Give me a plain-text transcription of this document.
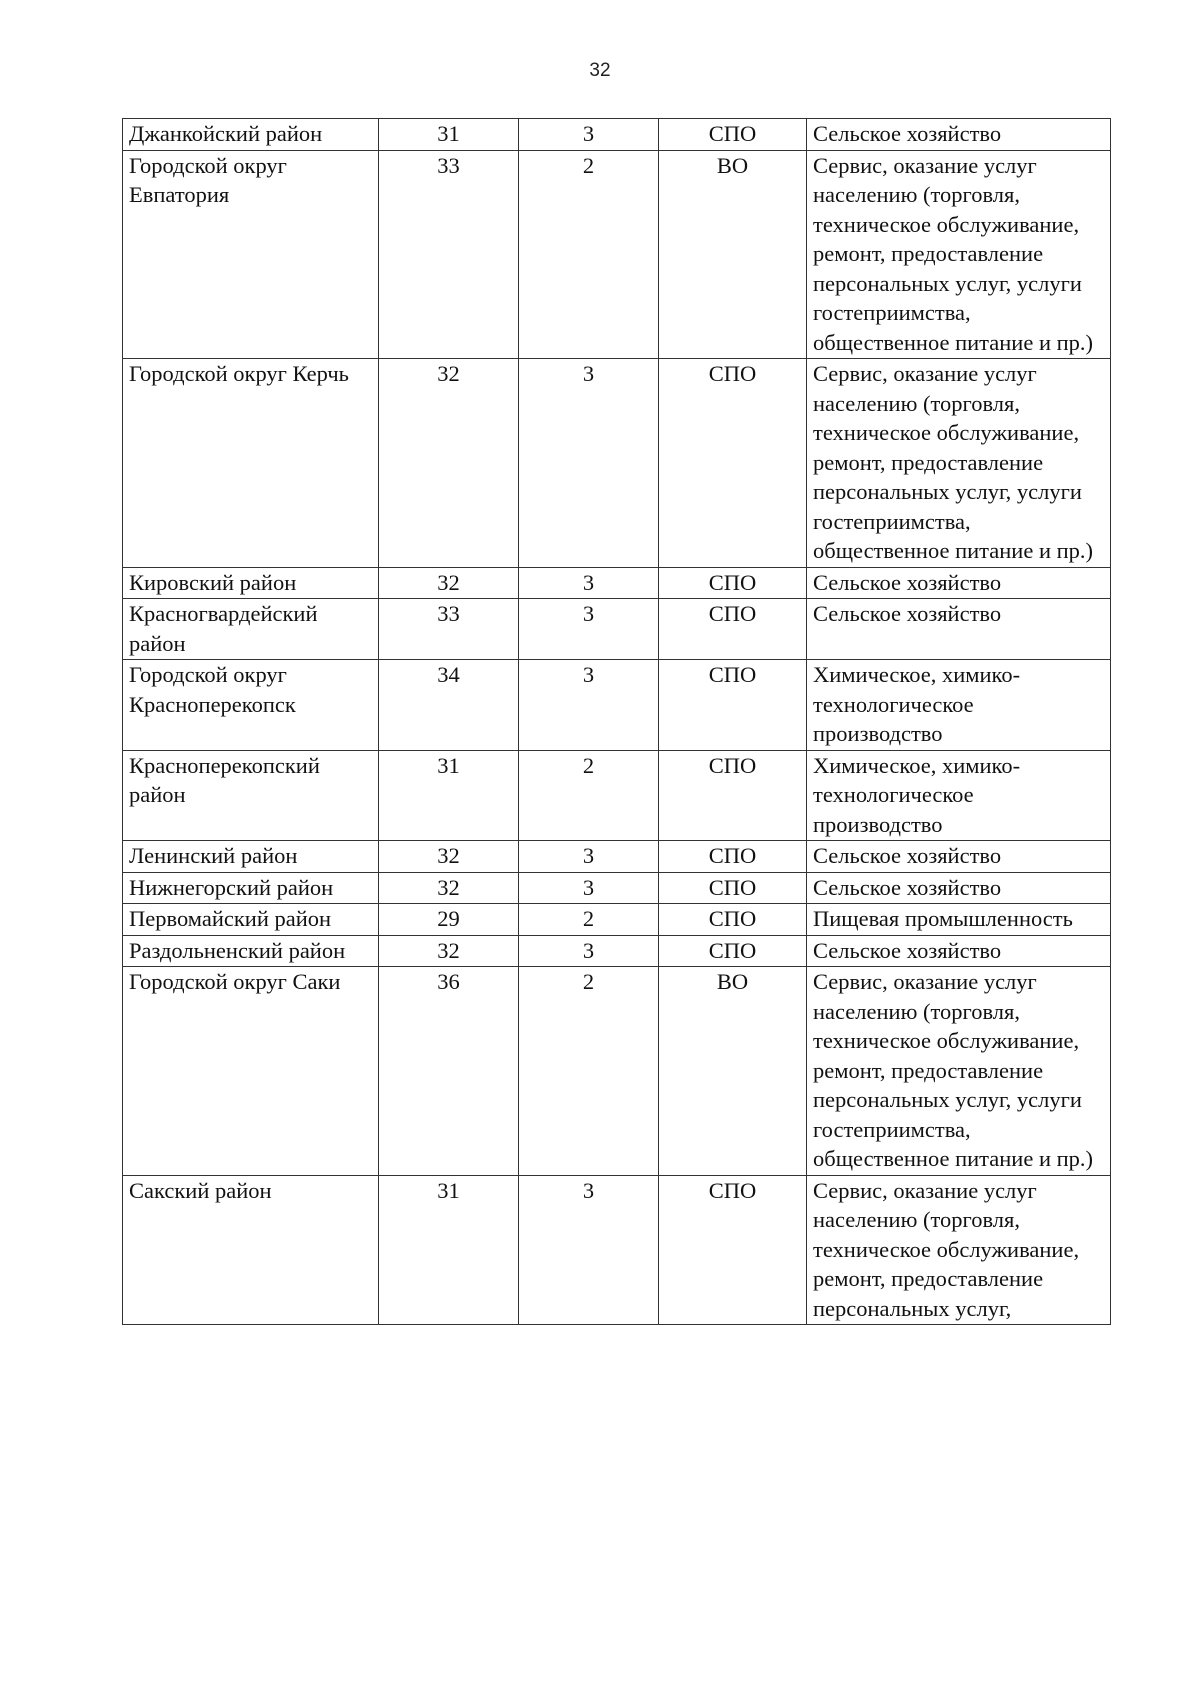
32
Джанкойский район	31	3	СПО	Сельское хозяйство
Городской округ Евпатория	33	2	ВО	Сервис, оказание услуг населению (торговля, техническое обслуживание, ремонт, предоставление персональных услуг, услуги гостеприимства, общественное питание и пр.)
Городской округ Керчь	32	3	СПО	Сервис, оказание услуг населению (торговля, техническое обслуживание, ремонт, предоставление персональных услуг, услуги гостеприимства, общественное питание и пр.)
Кировский район	32	3	СПО	Сельское хозяйство
Красногвардейский район	33	3	СПО	Сельское хозяйство
Городской округ Красноперекопск	34	3	СПО	Химическое, химико-технологическое производство
Красноперекопский район	31	2	СПО	Химическое, химико-технологическое производство
Ленинский район	32	3	СПО	Сельское хозяйство
Нижнегорский район	32	3	СПО	Сельское хозяйство
Первомайский район	29	2	СПО	Пищевая промышленность
Раздольненский район	32	3	СПО	Сельское хозяйство
Городской округ Саки	36	2	ВО	Сервис, оказание услуг населению (торговля, техническое обслуживание, ремонт, предоставление персональных услуг, услуги гостеприимства, общественное питание и пр.)
Сакский район	31	3	СПО	Сервис, оказание услуг населению (торговля, техническое обслуживание, ремонт, предоставление персональных услуг,
